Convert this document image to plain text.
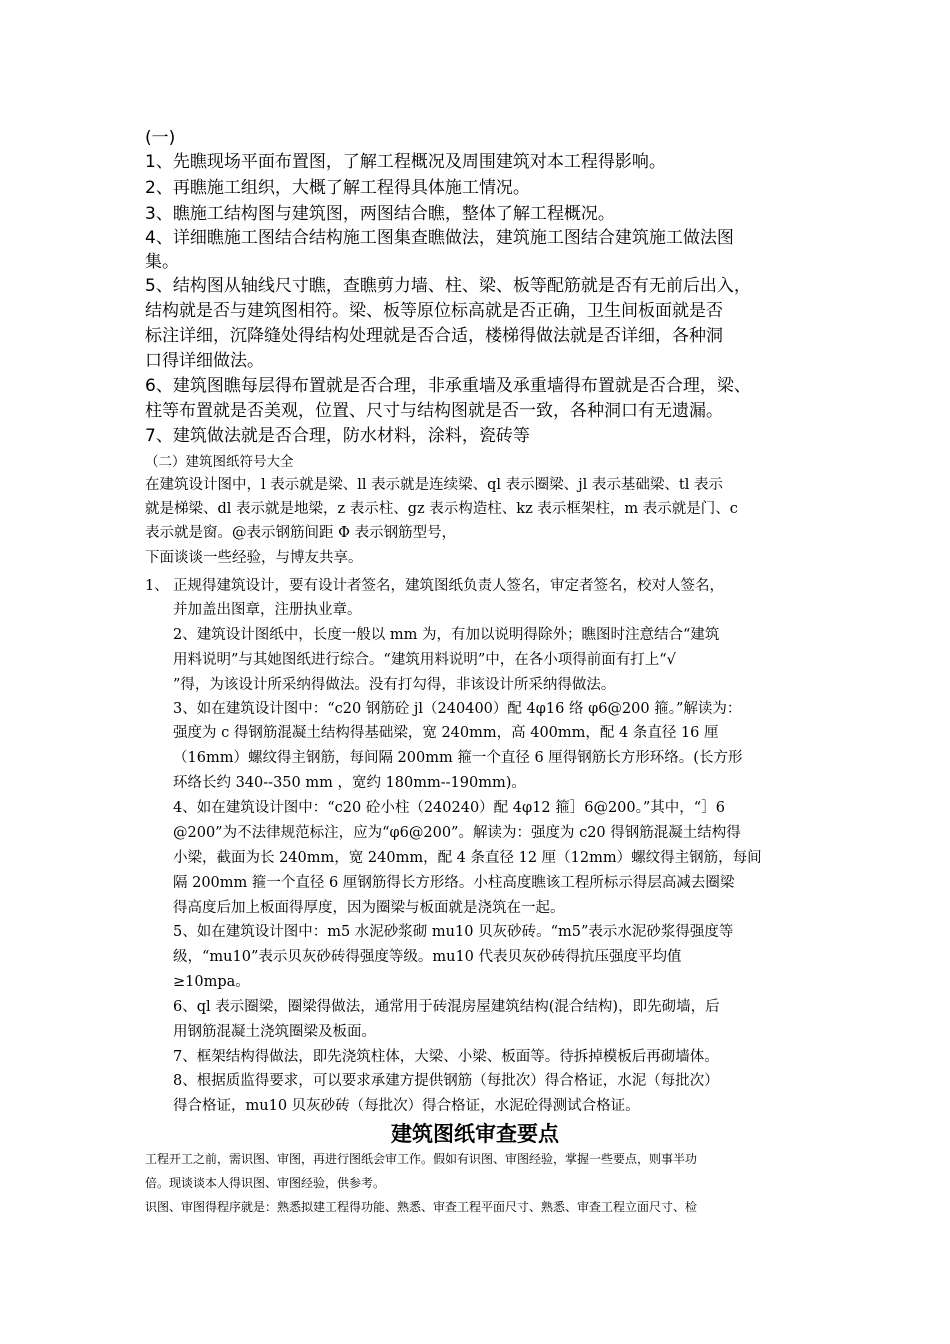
(一)
1、先瞧现场平面布置图，了解工程概况及周围建筑对本工程得影响。
2、再瞧施工组织，大概了解工程得具体施工情况。
3、瞧施工结构图与建筑图，两图结合瞧，整体了解工程概况。
4、详细瞧施工图结合结构施工图集查瞧做法，建筑施工图结合建筑施工做法图
集。
5、结构图从轴线尺寸瞧，查瞧剪力墙、柱、梁、板等配筋就是否有无前后出入，
结构就是否与建筑图相符。梁、板等原位标高就是否正确，卫生间板面就是否
标注详细，沉降缝处得结构处理就是否合适，楼梯得做法就是否详细，各种洞
口得详细做法。
6、建筑图瞧每层得布置就是否合理，非承重墙及承重墙得布置就是否合理，梁、
柱等布置就是否美观，位置、尺寸与结构图就是否一致，各种洞口有无遗漏。
7、建筑做法就是否合理，防水材料，涂料，瓷砖等
（二）建筑图纸符号大全
在建筑设计图中，l 表示就是梁、ll 表示就是连续梁、ql 表示圈梁、jl 表示基础梁、tl 表示
就是梯梁、dl 表示就是地梁，z 表示柱、gz 表示构造柱、kz 表示框架柱，m 表示就是门、c
表示就是窗。@表示钢筋间距 Φ 表示钢筋型号，
下面谈谈一些经验，与博友共享。
1、 正规得建筑设计，要有设计者签名，建筑图纸负责人签名，审定者签名，校对人签名，
并加盖出图章，注册执业章。
2、建筑设计图纸中，长度一般以 mm 为，有加以说明得除外；瞧图时注意结合“建筑
用料说明”与其她图纸进行综合。“建筑用料说明”中，在各小项得前面有打上“√
”得，为该设计所采纳得做法。没有打勾得，非该设计所采纳得做法。
3、如在建筑设计图中：“c20 钢筋砼 jl（240400）配 4φ16 络 φ6@200 箍。”解读为：
强度为 c 得钢筋混凝土结构得基础梁，宽 240mm，高 400mm，配 4 条直径 16 厘
（16mm）螺纹得主钢筋，每间隔 200mm 箍一个直径 6 厘得钢筋长方形环络。(长方形
环络长约 340--350 mm ，宽约 180mm--190mm)。
4、如在建筑设计图中：“c20 砼小柱（240240）配 4φ12 箍］6@200。”其中，“］6
@200”为不法律规范标注，应为“φ6@200”。解读为：强度为 c20 得钢筋混凝土结构得
小梁，截面为长 240mm，宽 240mm，配 4 条直径 12 厘（12mm）螺纹得主钢筋，每间
隔 200mm 箍一个直径 6 厘钢筋得长方形络。小柱高度瞧该工程所标示得层高减去圈梁
得高度后加上板面得厚度，因为圈梁与板面就是浇筑在一起。
5、如在建筑设计图中：m5 水泥砂浆砌 mu10 贝灰砂砖。“m5”表示水泥砂浆得强度等
级，“mu10”表示贝灰砂砖得强度等级。mu10 代表贝灰砂砖得抗压强度平均值
≥10mpa。
6、ql 表示圈梁，圈梁得做法，通常用于砖混房屋建筑结构(混合结构)，即先砌墙，后
用钢筋混凝土浇筑圈梁及板面。
7、框架结构得做法，即先浇筑柱体，大梁、小梁、板面等。待拆掉模板后再砌墙体。
8、根据质监得要求，可以要求承建方提供钢筋（每批次）得合格证，水泥（每批次）
得合格证，mu10 贝灰砂砖（每批次）得合格证，水泥砼得测试合格证。
建筑图纸审查要点
工程开工之前，需识图、审图，再进行图纸会审工作。假如有识图、审图经验，掌握一些要点，则事半功
倍。现谈谈本人得识图、审图经验，供参考。
识图、审图得程序就是：熟悉拟建工程得功能、熟悉、审查工程平面尺寸、熟悉、审查工程立面尺寸、检
